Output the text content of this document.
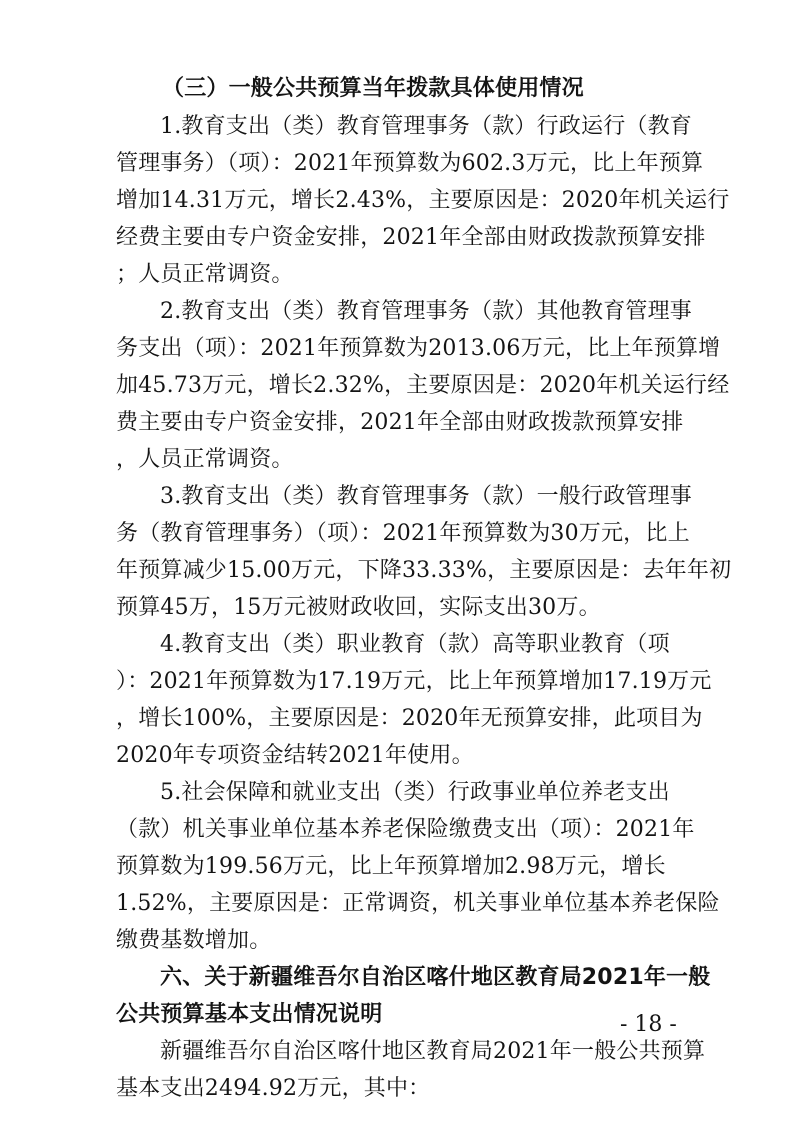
（三）一般公共预算当年拨款具体使用情况
1.教育支出（类）教育管理事务（款）行政运行（教育
管理事务）（项）：2021年预算数为602.3万元，比上年预算
增加14.31万元，增长2.43%，主要原因是：2020年机关运行
经费主要由专户资金安排，2021年全部由财政拨款预算安排
；人员正常调资。
2.教育支出（类）教育管理事务（款）其他教育管理事
务支出（项）：2021年预算数为2013.06万元，比上年预算增
加45.73万元，增长2.32%，主要原因是：2020年机关运行经
费主要由专户资金安排，2021年全部由财政拨款预算安排
，人员正常调资。
3.教育支出（类）教育管理事务（款）一般行政管理事
务（教育管理事务）（项）：2021年预算数为30万元，比上
年预算减少15.00万元，下降33.33%，主要原因是：去年年初
预算45万，15万元被财政收回，实际支出30万。
4.教育支出（类）职业教育（款）高等职业教育（项
）：2021年预算数为17.19万元，比上年预算增加17.19万元
，增长100%，主要原因是：2020年无预算安排，此项目为
2020年专项资金结转2021年使用。
5.社会保障和就业支出（类）行政事业单位养老支出
（款）机关事业单位基本养老保险缴费支出（项）：2021年
预算数为199.56万元，比上年预算增加2.98万元，增长
1.52%，主要原因是：正常调资，机关事业单位基本养老保险
缴费基数增加。
六、关于新疆维吾尔自治区喀什地区教育局2021年一般
公共预算基本支出情况说明
新疆维吾尔自治区喀什地区教育局2021年一般公共预算
基本支出2494.92万元，其中：
- 18 -
